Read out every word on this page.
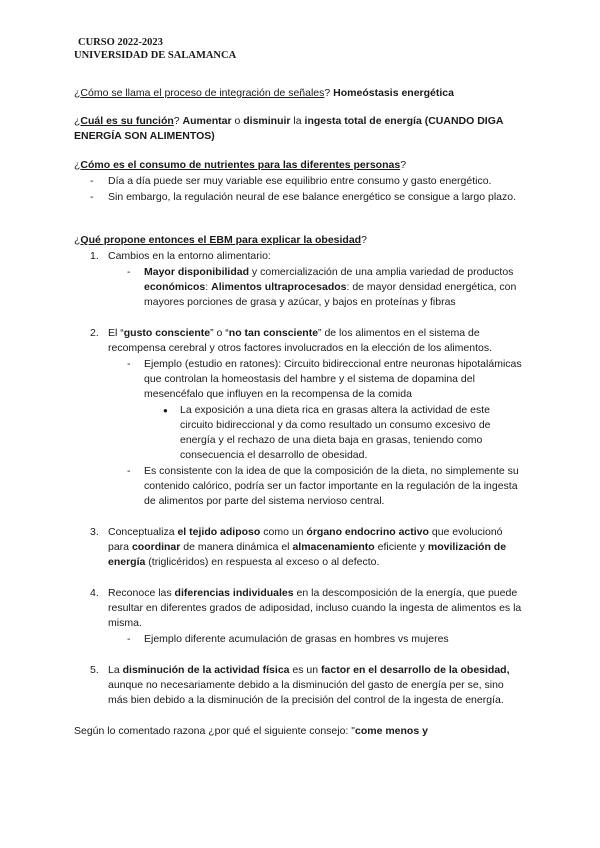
CURSO 2022-2023
UNIVERSIDAD DE SALAMANCA
¿Cómo se llama el proceso de integración de señales? Homeóstasis energética
¿Cuál es su función? Aumentar o disminuir la ingesta total de energía (CUANDO DIGA ENERGÍA SON ALIMENTOS)
¿Cómo es el consumo de nutrientes para las diferentes personas?
- Día a día puede ser muy variable ese equilibrio entre consumo y gasto energético.
- Sin embargo, la regulación neural de ese balance energético se consigue a largo plazo.
¿Qué propone entonces el EBM para explicar la obesidad?
1. Cambios en la entorno alimentario:
- Mayor disponibilidad y comercialización de una amplia variedad de productos económicos: Alimentos ultraprocesados: de mayor densidad energética, con mayores porciones de grasa y azúcar, y bajos en proteínas y fibras
2. El “gusto consciente” o “no tan consciente” de los alimentos en el sistema de recompensa cerebral y otros factores involucrados en la elección de los alimentos.
- Ejemplo (estudio en ratones): Circuito bidireccional entre neuronas hipotalámicas que controlan la homeostasis del hambre y el sistema de dopamina del mesencéfalo que influyen en la recompensa de la comida
● La exposición a una dieta rica en grasas altera la actividad de este circuito bidireccional y da como resultado un consumo excesivo de energía y el rechazo de una dieta baja en grasas, teniendo como consecuencia el desarrollo de obesidad.
- Es consistente con la idea de que la composición de la dieta, no simplemente su contenido calórico, podría ser un factor importante en la regulación de la ingesta de alimentos por parte del sistema nervioso central.
3. Conceptualiza el tejido adiposo como un órgano endocrino activo que evolucionó para coordinar de manera dinámica el almacenamiento eficiente y movilización de energía (triglicéridos) en respuesta al exceso o al defecto.
4. Reconoce las diferencias individuales en la descomposición de la energía, que puede resultar en diferentes grados de adiposidad, incluso cuando la ingesta de alimentos es la misma.
- Ejemplo diferente acumulación de grasas en hombres vs mujeres
5. La disminución de la actividad física es un factor en el desarrollo de la obesidad, aunque no necesariamente debido a la disminución del gasto de energía per se, sino más bien debido a la disminución de la precisión del control de la ingesta de energía.
Según lo comentado razona ¿por qué el siguiente consejo: "come menos y
